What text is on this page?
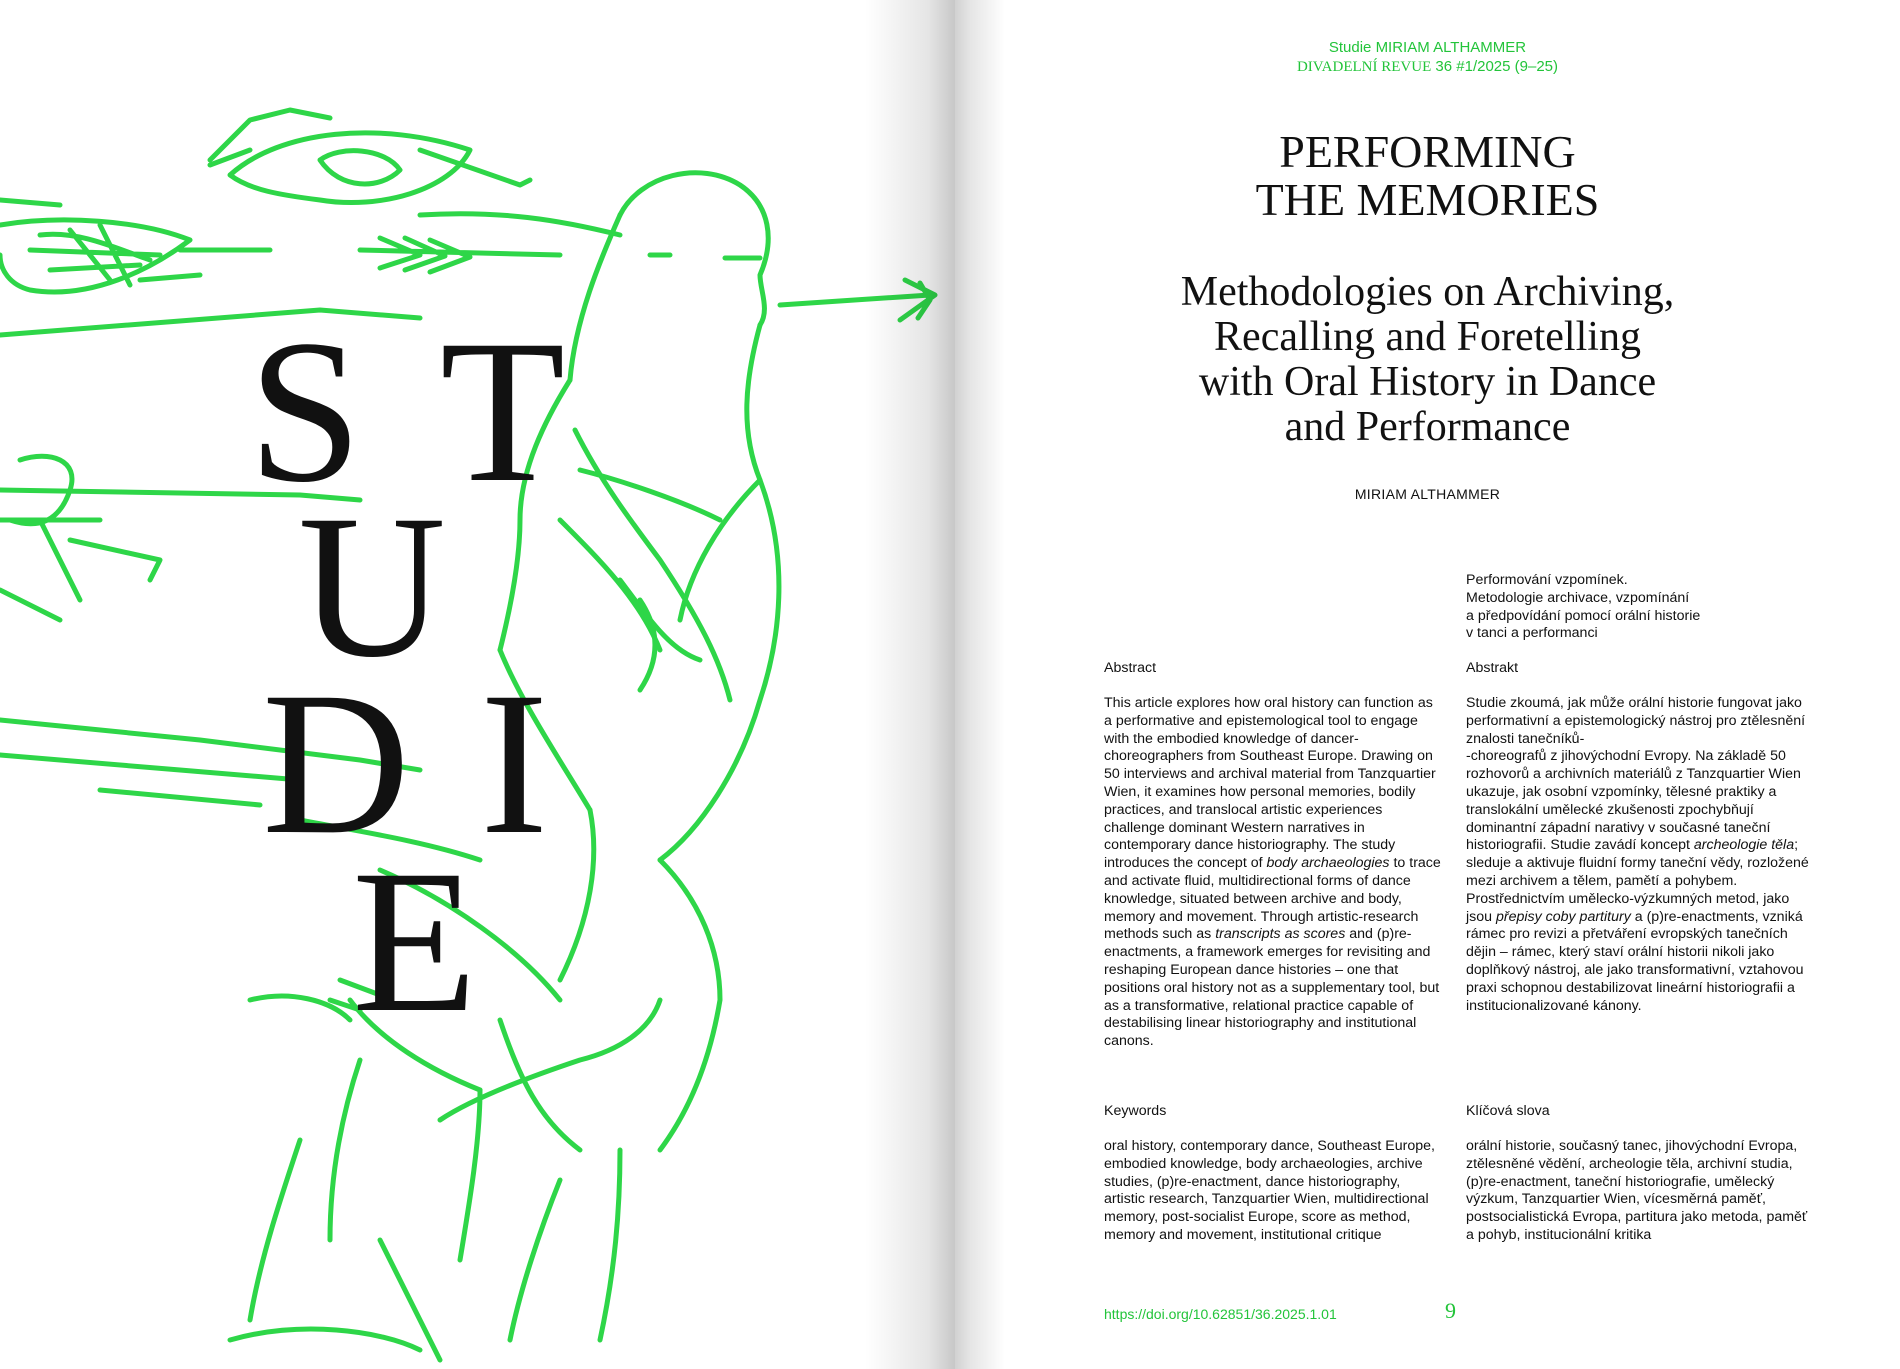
S T
U
D I
E
Studie MIRIAM ALTHAMMER
DIVADELNÍ REVUE 36 #1/2025 (9–25)
PERFORMING
THE MEMORIES
Methodologies on Archiving,
Recalling and Foretelling
with Oral History in Dance
and Performance
MIRIAM ALTHAMMER

Performování vzpomínek.

Metodologie archivace, vzpomínání

a předpovídání pomocí orální historie

v tanci a performanci

Abstract	Abstrakt

This article explores how oral history can function as a performative and epistemological tool to engage with the embodied knowledge of dancer-choreographers from Southeast Europe. Drawing on 50 interviews and archival material from Tanzquartier Wien, it examines how personal memories, bodily practices, and translocal artistic experiences challenge dominant Western narratives in contemporary dance historiography. The study introduces the concept of body archaeologies to trace and activate fluid, multidirectional forms of dance knowledge, situated between archive and body, memory and movement. Through artistic-research methods such as transcripts as scores and (p)re-enactments, a framework emerges for revisiting and reshaping European dance histories – one that positions oral history not as a supplementary tool, but as a transformative, relational practice capable of destabilising linear historiography and institutional canons.

Studie zkoumá, jak může orální historie fungovat jako performativní a epistemologický nástroj pro ztělesnění znalosti tanečníků-
-choreografů z jihovýchodní Evropy. Na základě 50 rozhovorů a archivních materiálů z Tanzquartier Wien ukazuje, jak osobní vzpomínky, tělesné praktiky a translokální umělecké zkušenosti zpochybňují dominantní západní narativy v současné taneční historiografii. Studie zavádí koncept archeologie těla; sleduje a aktivuje fluidní formy taneční vědy, rozložené mezi archivem a tělem, pamětí a pohybem. Prostřednictvím umělecko-výzkumných metod, jako jsou přepisy coby partitury a (p)re-enactments, vzniká rámec pro revizi a přetváření evropských tanečních dějin – rámec, který staví orální historii nikoli jako doplňkový nástroj, ale jako transformativní, vztahovou praxi schopnou destabilizovat lineární historiografii a institucionalizované kánony.

Keywords	Klíčová slova
oral history, contemporary dance, Southeast Europe, embodied knowledge, body archaeologies, archive studies, (p)re-enactment, dance historiography, artistic research, Tanzquartier Wien, multidirectional memory, post-socialist Europe, score as method, memory and movement, institutional critique
orální historie, současný tanec, jihovýchodní Evropa, ztělesněné vědění, archeologie těla, archivní studia, (p)re-enactment, taneční historiografie, umělecký výzkum, Tanzquartier Wien, vícesměrná paměť, postsocialistická Evropa, partitura jako metoda, paměť a pohyb, institucionální kritika
https://doi.org/10.62851/36.2025.1.01	9
